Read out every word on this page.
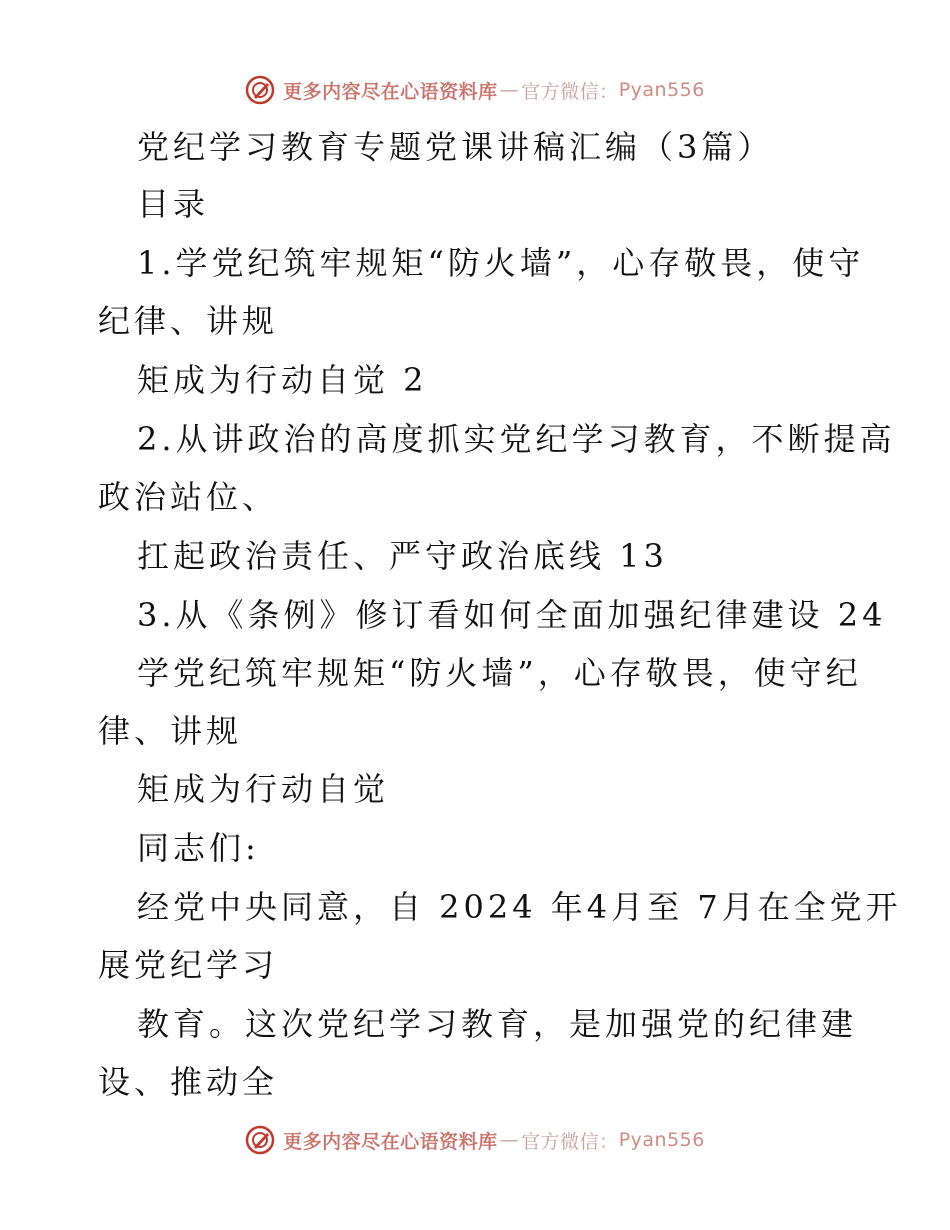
更多内容尽在心语资料库 — 官方微信： Pyan556
党纪学习教育专题党课讲稿汇编（3篇）
目录
1.学党纪筑牢规矩“防火墙”，心存敬畏，使守
纪律、讲规
矩成为行动自觉 2
2.从讲政治的高度抓实党纪学习教育，不断提高
政治站位、
扛起政治责任、严守政治底线 13
3.从《条例》修订看如何全面加强纪律建设 24
学党纪筑牢规矩“防火墙”，心存敬畏，使守纪
律、讲规
矩成为行动自觉
同志们:
经党中央同意，自 2024 年4月至 7月在全党开
展党纪学习
教育。这次党纪学习教育，是加强党的纪律建
设、推动全
更多内容尽在心语资料库 — 官方微信： Pyan556
